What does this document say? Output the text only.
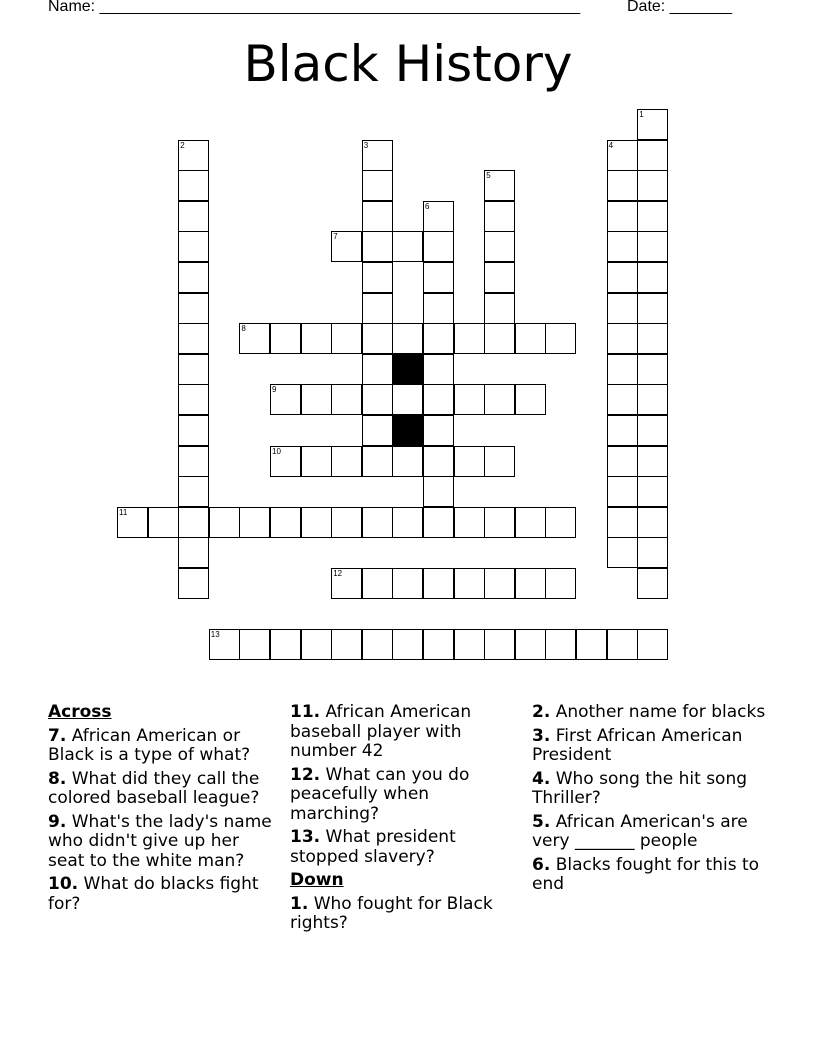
Name: ______________________________________________________	Date: _______
Black History
1
2	3	4
5
6
7
8
9
10
11
12
13
Across
7. African American or Black is a type of what?
8. What did they call the colored baseball league?
9. What's the lady's name who didn't give up her seat to the white man?
10. What do blacks fight for?
11. African American baseball player with number 42
12. What can you do peacefully when marching?
13. What president stopped slavery?
Down
1. Who fought for Black rights?
2. Another name for blacks
3. First African American President
4. Who song the hit song Thriller?
5. African American's are very _______ people
6. Blacks fought for this to end
